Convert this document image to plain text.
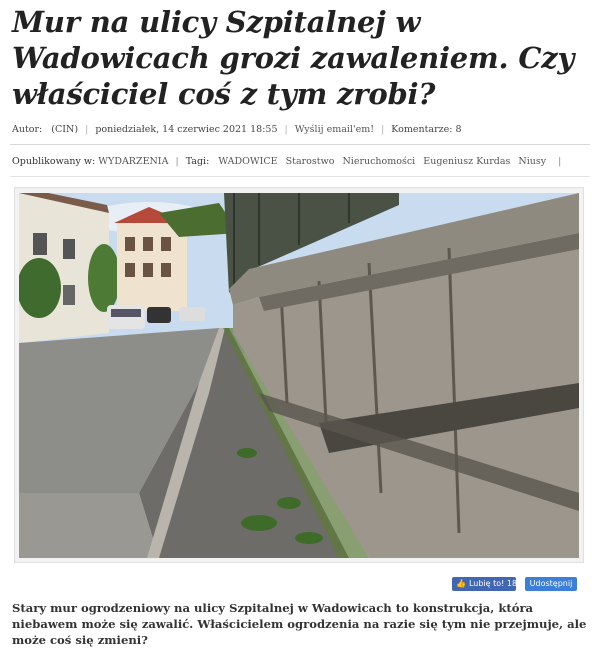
Mur na ulicy Szpitalnej w Wadowicach grozi zawaleniem. Czy właściciel coś z tym zrobi?
Autor: (CIN) | poniedziałek, 14 czerwiec 2021 18:55 | Wyślij email'em! | Komentarze: 8
Opublikowany w: WYDARZENIA | Tagi: WADOWICE Starostwo Nieruchomości Eugeniusz Kurdas Niusy |
👍 Lubię to! 18	Udostępnij

Stary mur ogrodzeniowy na ulicy Szpitalnej w Wadowicach to konstrukcja, która niebawem może się zawalić. Właścicielem ogrodzenia na razie się tym nie przejmuje, ale może coś się zmieni?
